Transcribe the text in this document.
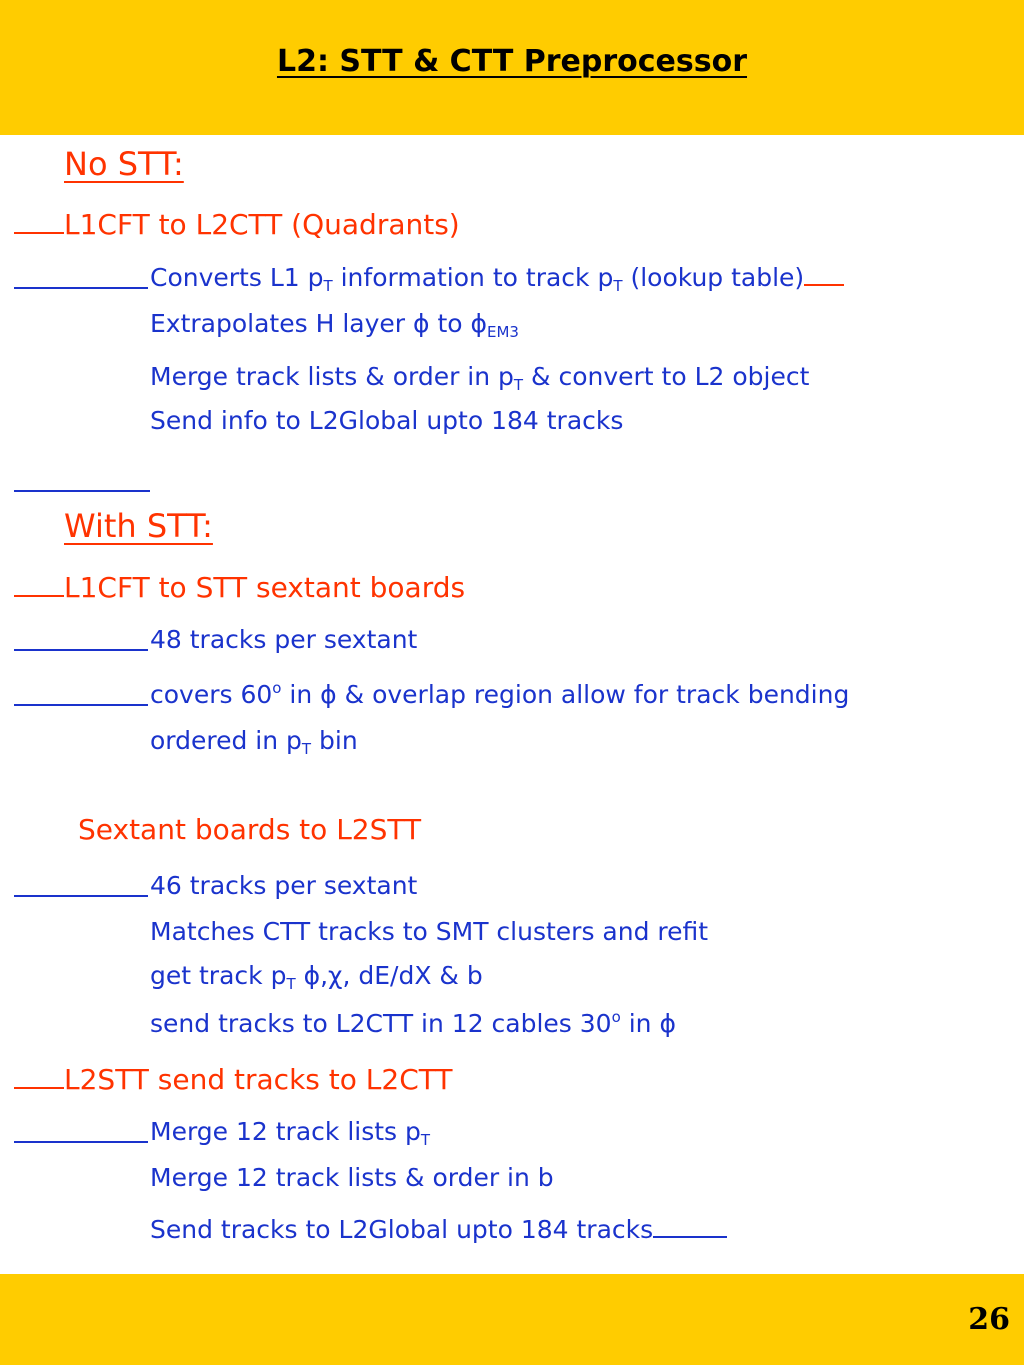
L2: STT & CTT Preprocessor
No STT:
L1CFT to L2CTT (Quadrants)
Converts L1 $p_T$ information to track $p_T$ (lookup table)
Extrapolates H layer ϕ to $\phi_{EM3}$
Merge track lists & order in $p_T$ & convert to L2 object
Send info to L2Global upto 184 tracks
With STT:
L1CFT to STT sextant boards
48 tracks per sextant
covers 60$^o$ in ϕ & overlap region allow for track bending
ordered in $p_T$ bin
Sextant boards to L2STT
46 tracks per sextant
Matches CTT tracks to SMT clusters and refit
get track $p_T$ ϕ,χ, dE/dX & b
send tracks to L2CTT in 12 cables 30$^o$ in ϕ
L2STT send tracks to L2CTT
Merge 12 track lists $p_T$
Merge 12 track lists & order in b
Send tracks to L2Global upto 184 tracks
26
